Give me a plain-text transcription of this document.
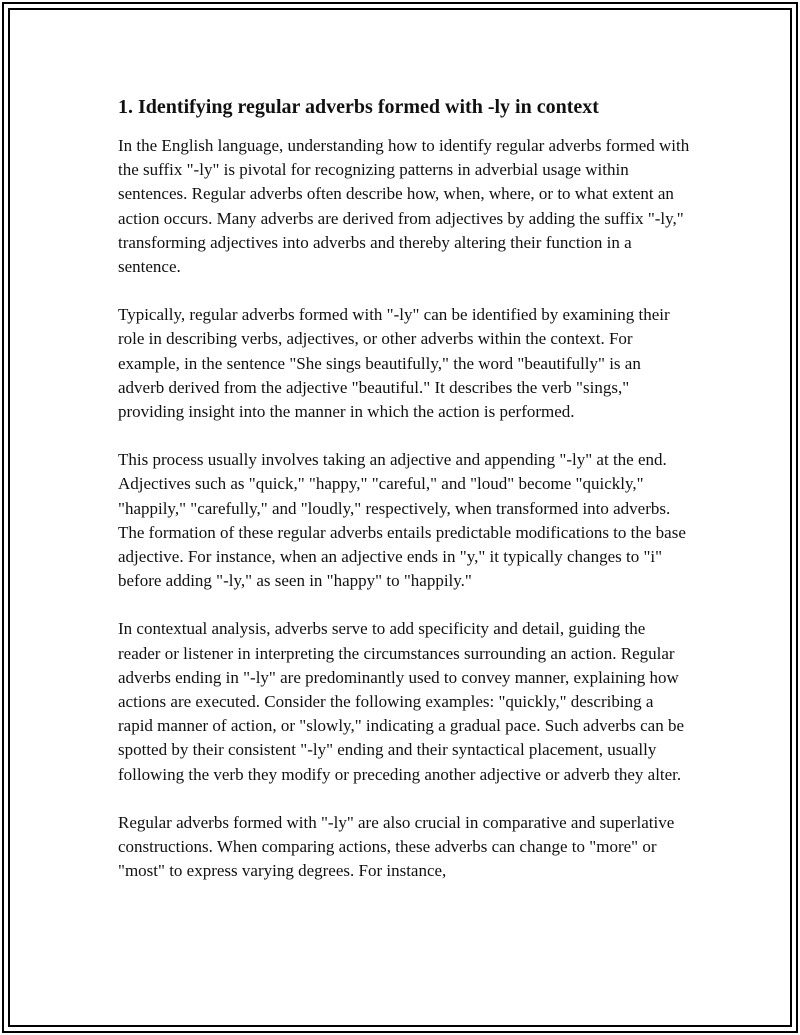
1. Identifying regular adverbs formed with -ly in context

In the English language, understanding how to identify regular adverbs formed with the suffix "-ly" is pivotal for recognizing patterns in adverbial usage within sentences. Regular adverbs often describe how, when, where, or to what extent an action occurs. Many adverbs are derived from adjectives by adding the suffix "-ly," transforming adjectives into adverbs and thereby altering their function in a sentence.

Typically, regular adverbs formed with "-ly" can be identified by examining their role in describing verbs, adjectives, or other adverbs within the context. For example, in the sentence "She sings beautifully," the word "beautifully" is an adverb derived from the adjective "beautiful." It describes the verb "sings," providing insight into the manner in which the action is performed.

This process usually involves taking an adjective and appending "-ly" at the end. Adjectives such as "quick," "happy," "careful," and "loud" become "quickly," "happily," "carefully," and "loudly," respectively, when transformed into adverbs. The formation of these regular adverbs entails predictable modifications to the base adjective. For instance, when an adjective ends in "y," it typically changes to "i" before adding "-ly," as seen in "happy" to "happily."

In contextual analysis, adverbs serve to add specificity and detail, guiding the reader or listener in interpreting the circumstances surrounding an action. Regular adverbs ending in "-ly" are predominantly used to convey manner, explaining how actions are executed. Consider the following examples: "quickly," describing a rapid manner of action, or "slowly," indicating a gradual pace. Such adverbs can be spotted by their consistent "-ly" ending and their syntactical placement, usually following the verb they modify or preceding another adjective or adverb they alter.

Regular adverbs formed with "-ly" are also crucial in comparative and superlative constructions. When comparing actions, these adverbs can change to "more" or "most" to express varying degrees. For instance,
